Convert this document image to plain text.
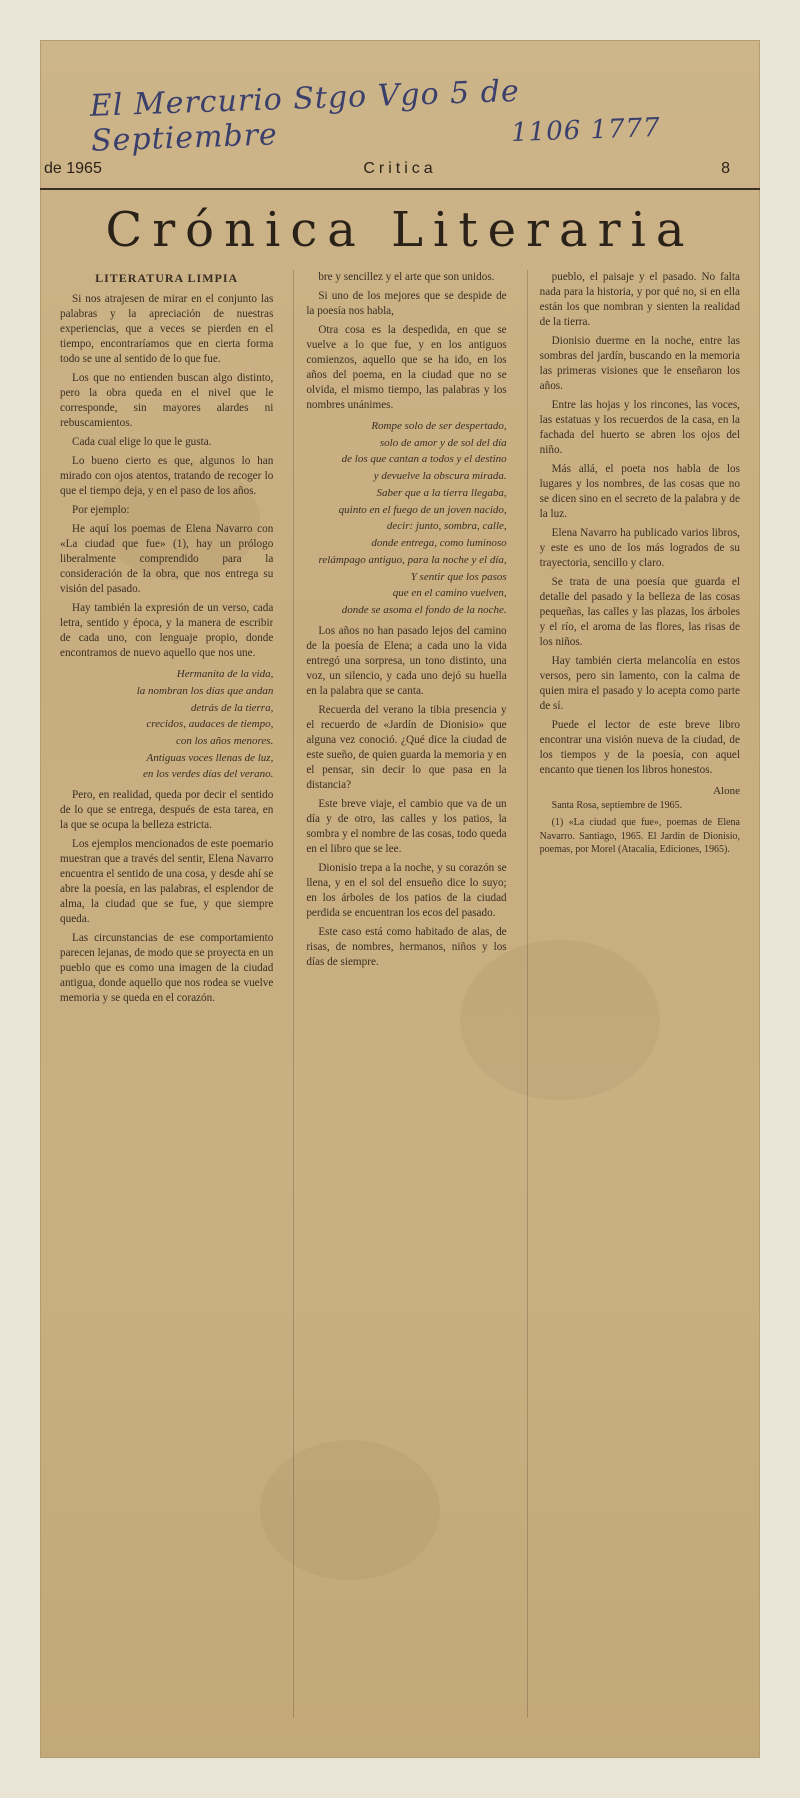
El Mercurio Stgo Vgo 5 de Septiembre	1106 1777
de 1965	Critica	8
Crónica Literaria
LITERATURA LIMPIA

Si nos atrajesen de mirar en el conjunto las palabras y la apreciación de nuestras experiencias, que a veces se pierden en el tiempo, encontraríamos que en cierta forma todo se une al sentido de lo que fue.

Los que no entienden buscan algo distinto, pero la obra queda en el nivel que le corresponde, sin mayores alardes ni rebuscamientos.

Cada cual elige lo que le gusta.

Lo bueno cierto es que, algunos lo han mirado con ojos atentos, tratando de recoger lo que el tiempo deja, y en el paso de los años.

Por ejemplo:

He aquí los poemas de Elena Navarro con «La ciudad que fue» (1), hay un prólogo liberalmente comprendido para la consideración de la obra, que nos entrega su visión del pasado.

Hay también la expresión de un verso, cada letra, sentido y época, y la manera de escribir de cada uno, con lenguaje propio, donde encontramos de nuevo aquello que nos une.

Hermanita de la vida,
la nombran los días que andan
detrás de la tierra,
crecidos, audaces de tiempo,
con los años menores.
Antiguas voces llenas de luz,
en los verdes días del verano.

Pero, en realidad, queda por decir el sentido de lo que se entrega, después de esta tarea, en la que se ocupa la belleza estricta.

Los ejemplos mencionados de este poemario muestran que a través del sentir, Elena Navarro encuentra el sentido de una cosa, y desde ahí se abre la poesía, en las palabras, el esplendor de alma, la ciudad que se fue, y que siempre queda.

Las circunstancias de ese comportamiento parecen lejanas, de modo que se proyecta en un pueblo que es como una imagen de la ciudad antigua, donde aquello que nos rodea se vuelve memoria y se queda en el corazón.

bre y sencillez y el arte que son unidos.

Si uno de los mejores que se despide de la poesía nos habla,

Otra cosa es la despedida, en que se vuelve a lo que fue, y en los antiguos comienzos, aquello que se ha ido, en los años del poema, en la ciudad que no se olvida, el mismo tiempo, las palabras y los nombres unánimes.

Rompe solo de ser despertado,
solo de amor y de sol del día
de los que cantan a todos y el destino
y devuelve la obscura mirada.
Saber que a la tierra llegaba,
quinto en el fuego de un joven nacido,
decir: junto, sombra, calle,
donde entrega, como luminoso
relámpago antiguo, para la noche y el día,
Y sentir que los pasos
que en el camino vuelven,
donde se asoma el fondo de la noche.

Los años no han pasado lejos del camino de la poesía de Elena; a cada uno la vida entregó una sorpresa, un tono distinto, una voz, un silencio, y cada uno dejó su huella en la palabra que se canta.

Recuerda del verano la tibia presencia y el recuerdo de «Jardín de Dionisio» que alguna vez conoció. ¿Qué dice la ciudad de este sueño, de quien guarda la memoria y en el pensar, sin decir lo que pasa en la distancia?

Este breve viaje, el cambio que va de un día y de otro, las calles y los patios, la sombra y el nombre de las cosas, todo queda en el libro que se lee.

Dionisio trepa a la noche, y su corazón se llena, y en el sol del ensueño dice lo suyo; en los árboles de los patios de la ciudad perdida se encuentran los ecos del pasado.

Este caso está como habitado de alas, de risas, de nombres, hermanos, niños y los días de siempre.

pueblo, el paisaje y el pasado. No falta nada para la historia, y por qué no, si en ella están los que nombran y sienten la realidad de la tierra.

Dionisio duerme en la noche, entre las sombras del jardín, buscando en la memoria las primeras visiones que le enseñaron los años.

Entre las hojas y los rincones, las voces, las estatuas y los recuerdos de la casa, en la fachada del huerto se abren los ojos del niño.

Más allá, el poeta nos habla de los lugares y los nombres, de las cosas que no se dicen sino en el secreto de la palabra y de la luz.

Elena Navarro ha publicado varios libros, y este es uno de los más logrados de su trayectoria, sencillo y claro.

Se trata de una poesía que guarda el detalle del pasado y la belleza de las cosas pequeñas, las calles y las plazas, los árboles y el río, el aroma de las flores, las risas de los niños.

Hay también cierta melancolía en estos versos, pero sin lamento, con la calma de quien mira el pasado y lo acepta como parte de sí.

Puede el lector de este breve libro encontrar una visión nueva de la ciudad, de los tiempos y de la poesía, con aquel encanto que tienen los libros honestos.

Alone

Santa Rosa, septiembre de 1965.

(1) «La ciudad que fue», poemas de Elena Navarro. Santiago, 1965. El Jardín de Dionisio, poemas, por Morel (Atacalia, Ediciones, 1965).
